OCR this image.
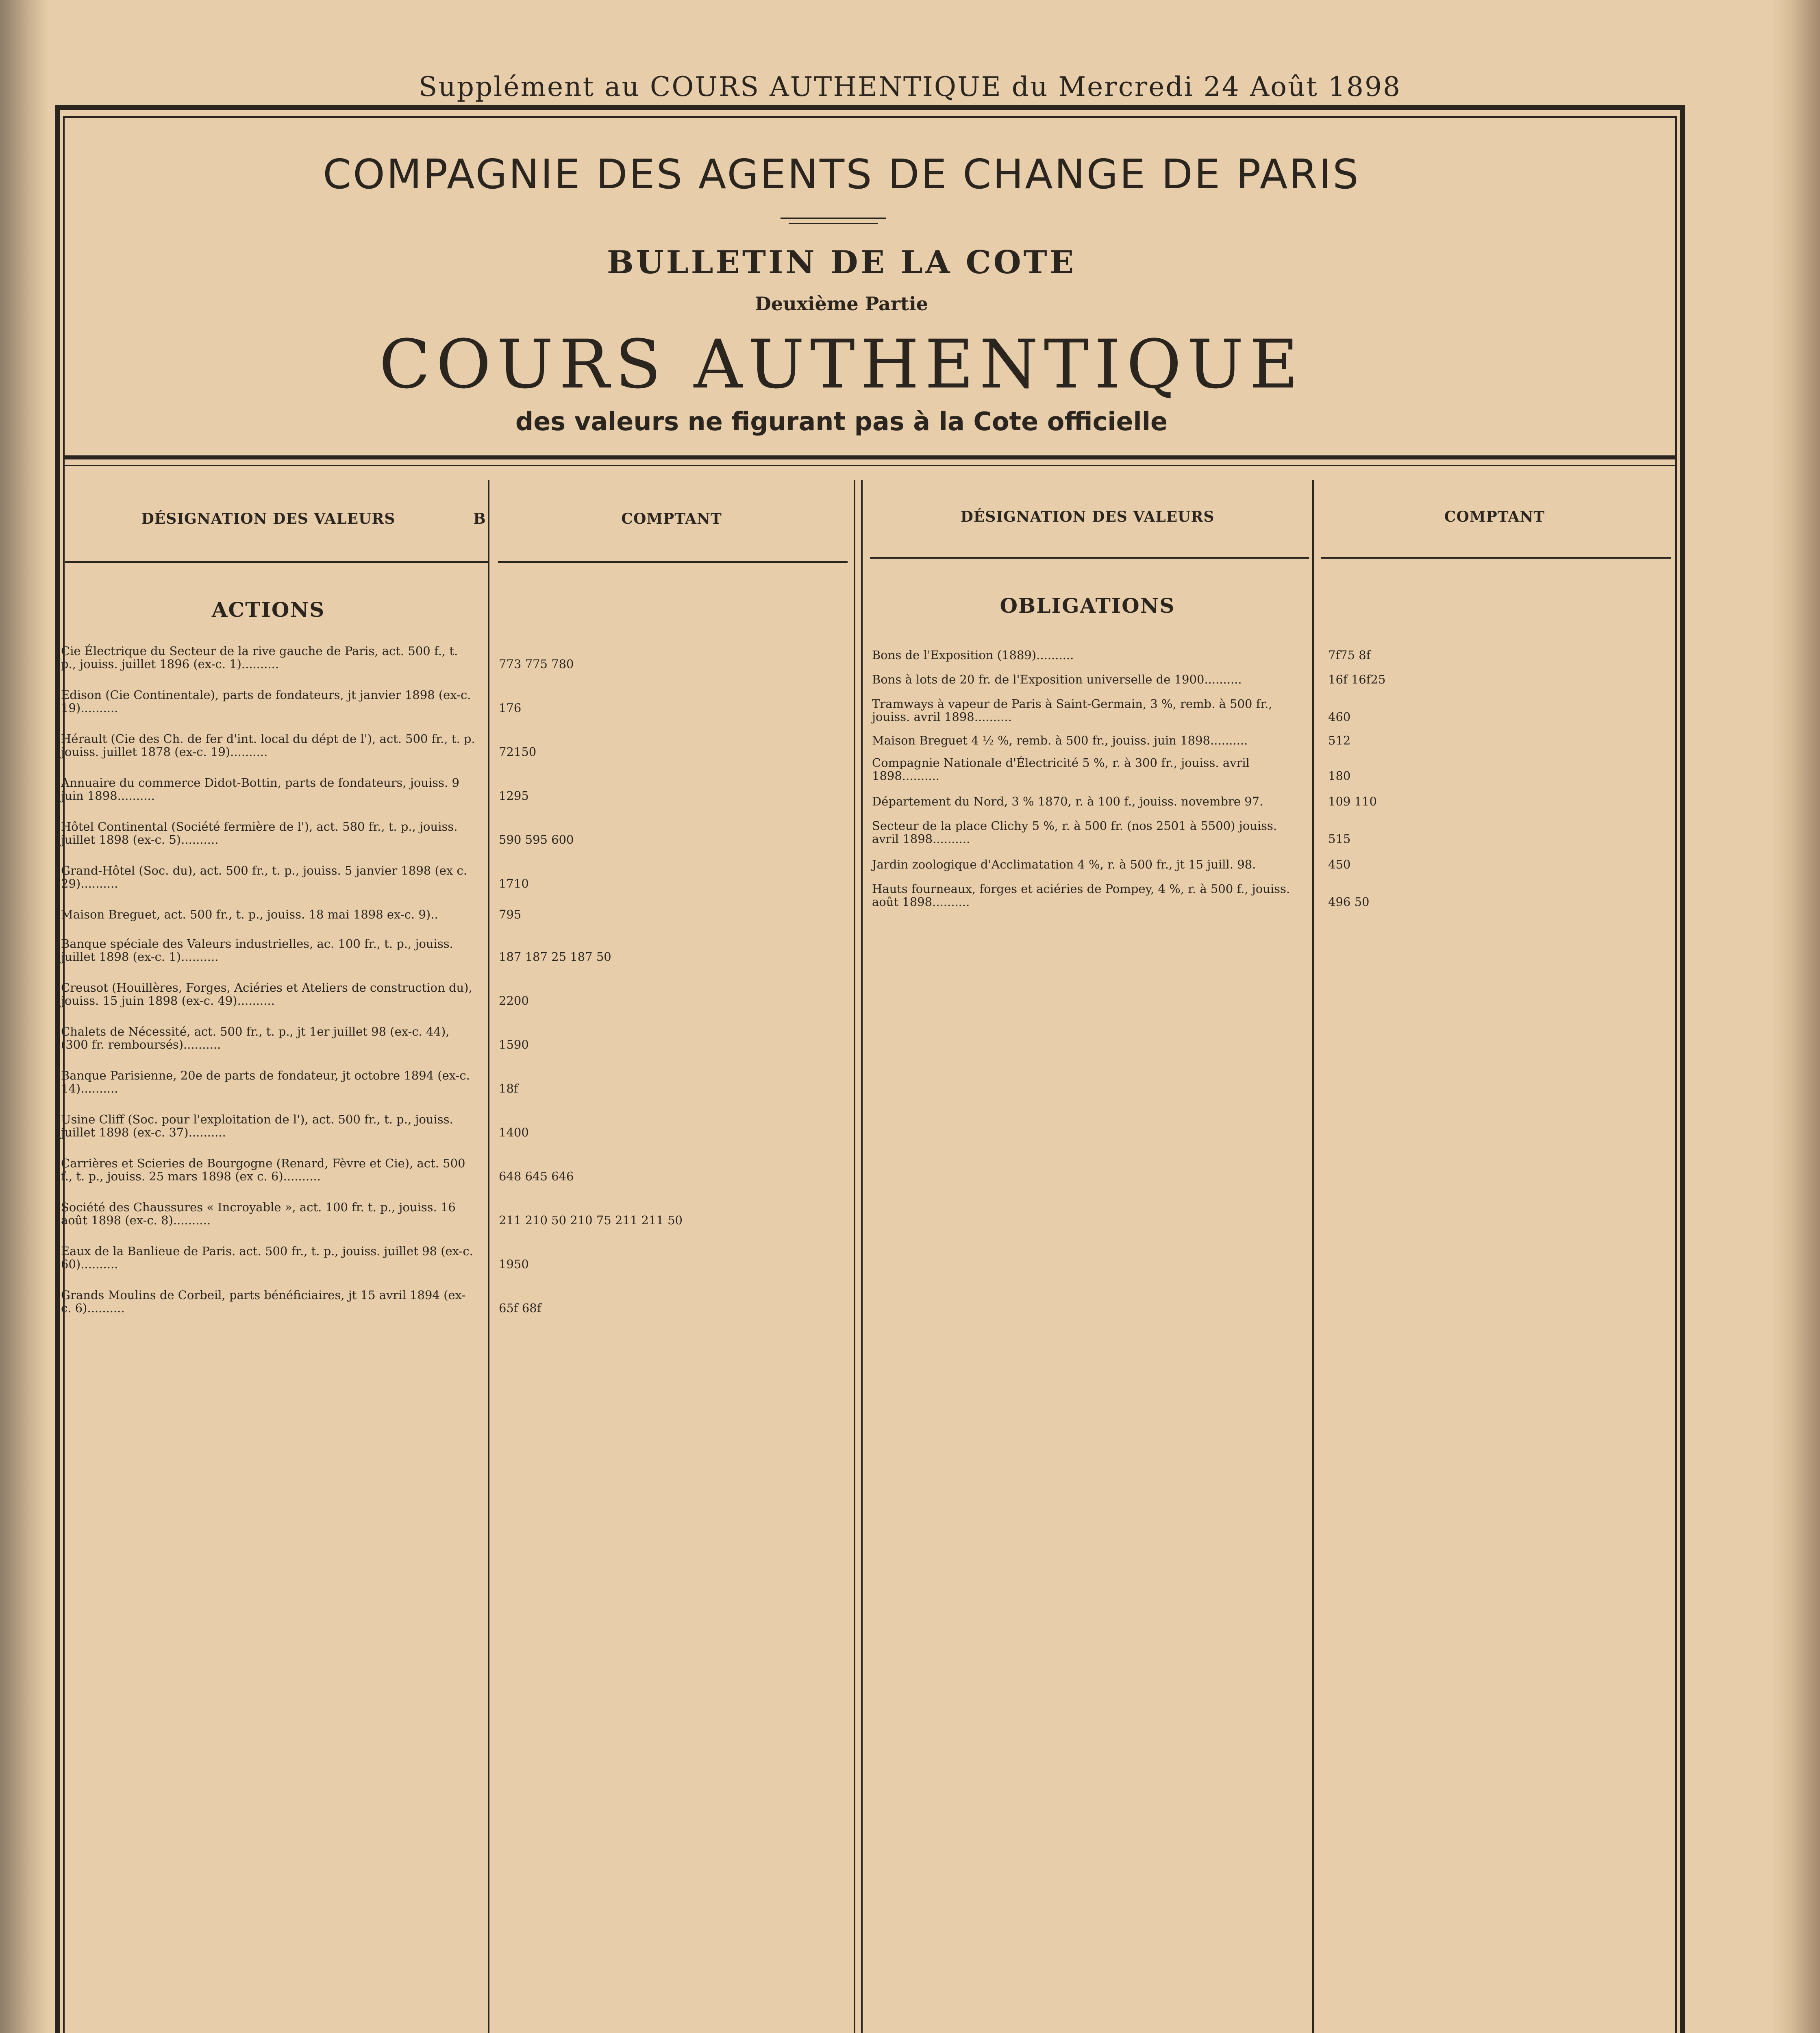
Supplément au COURS AUTHENTIQUE du Mercredi 24 Août 1898
COMPAGNIE DES AGENTS DE CHANGE DE PARIS
BULLETIN DE LA COTE
Deuxième Partie
COURS AUTHENTIQUE
des valeurs ne figurant pas à la Cote officielle
DÉSIGNATION DES VALEURS	B	COMPTANT	DÉSIGNATION DES VALEURS	COMPTANT
ACTIONS	OBLIGATIONS
Cie Électrique du Secteur de la rive gauche de Paris, act. 500 f., t. p., jouiss. juillet 1896 (ex-c. 1)..........	773 775 780
Edison (Cie Continentale), parts de fondateurs, jt janvier 1898 (ex-c. 19)..........	176
Hérault (Cie des Ch. de fer d'int. local du dépt de l'), act. 500 fr., t. p. jouiss. juillet 1878 (ex-c. 19)..........	72150
Annuaire du commerce Didot-Bottin, parts de fondateurs, jouiss. 9 juin 1898..........	1295
Hôtel Continental (Société fermière de l'), act. 580 fr., t. p., jouiss. juillet 1898 (ex-c. 5)..........	590 595 600
Grand-Hôtel (Soc. du), act. 500 fr., t. p., jouiss. 5 janvier 1898 (ex c. 29)..........	1710
Maison Breguet, act. 500 fr., t. p., jouiss. 18 mai 1898 ex-c. 9)..	795
Banque spéciale des Valeurs industrielles, ac. 100 fr., t. p., jouiss. juillet 1898 (ex-c. 1)..........	187 187 25 187 50
Creusot (Houillères, Forges, Aciéries et Ateliers de construction du), jouiss. 15 juin 1898 (ex-c. 49)..........	2200
Chalets de Nécessité, act. 500 fr., t. p., jt 1er juillet 98 (ex-c. 44), (300 fr. remboursés)..........	1590
Banque Parisienne, 20e de parts de fondateur, jt octobre 1894 (ex-c. 14)..........	18f
Usine Cliff (Soc. pour l'exploitation de l'), act. 500 fr., t. p., jouiss. juillet 1898 (ex-c. 37)..........	1400
Carrières et Scieries de Bourgogne (Renard, Fèvre et Cie), act. 500 f., t. p., jouiss. 25 mars 1898 (ex c. 6)..........	648 645 646
Société des Chaussures « Incroyable », act. 100 fr. t. p., jouiss. 16 août 1898 (ex-c. 8)..........	211 210 50 210 75 211 211 50
Eaux de la Banlieue de Paris. act. 500 fr., t. p., jouiss. juillet 98 (ex-c. 60)..........	1950
Grands Moulins de Corbeil, parts bénéficiaires, jt 15 avril 1894 (ex-c. 6)..........	65f 68f
Bons de l'Exposition (1889)..........	7f75 8f
Bons à lots de 20 fr. de l'Exposition universelle de 1900..........	16f 16f25
Tramways à vapeur de Paris à Saint-Germain, 3 %, remb. à 500 fr., jouiss. avril 1898..........	460
Maison Breguet 4 ½ %, remb. à 500 fr., jouiss. juin 1898..........	512
Compagnie Nationale d'Électricité 5 %, r. à 300 fr., jouiss. avril 1898..........	180
Département du Nord, 3 % 1870, r. à 100 f., jouiss. novembre 97.	109 110
Secteur de la place Clichy 5 %, r. à 500 fr. (nos 2501 à 5500) jouiss. avril 1898..........	515
Jardin zoologique d'Acclimatation 4 %, r. à 500 fr., jt 15 juill. 98.	450
Hauts fourneaux, forges et aciéries de Pompey, 4 %, r. à 500 f., jouiss. août 1898..........	496 50
